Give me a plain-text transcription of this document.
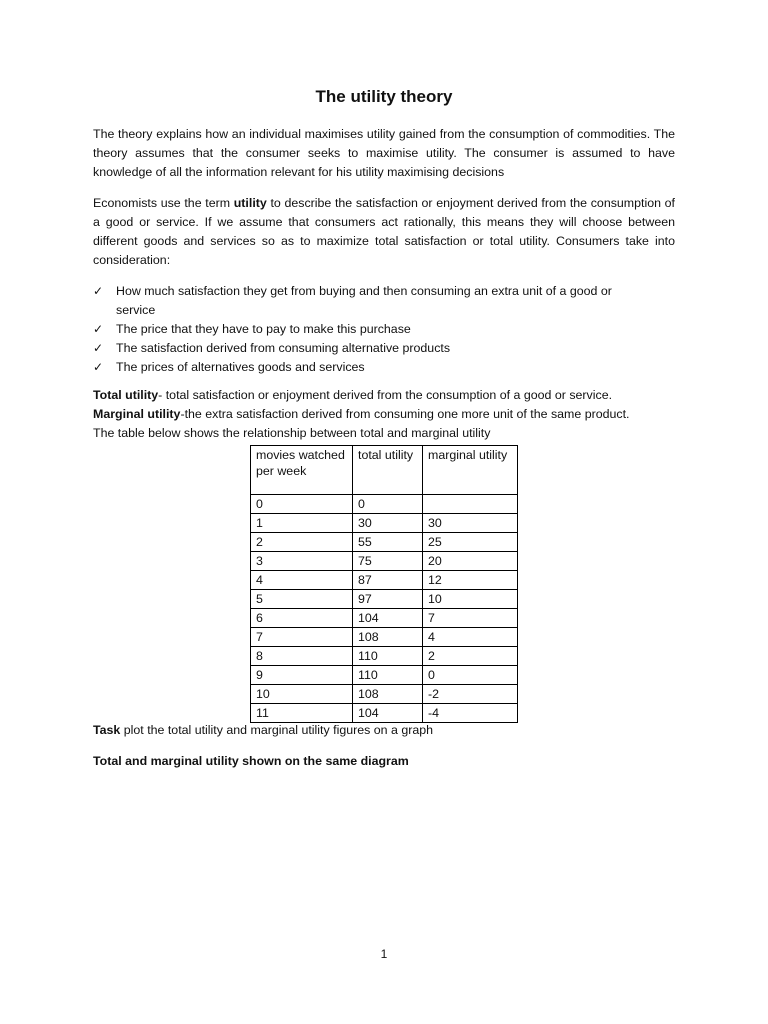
The utility theory

The theory explains how an individual maximises utility gained from the consumption of commodities. The theory assumes that the consumer seeks to maximise utility. The consumer is assumed to have knowledge of all the information relevant for his utility maximising decisions

Economists use the term utility to describe the satisfaction or enjoyment derived from the consumption of a good or service. If we assume that consumers act rationally, this means they will choose between different goods and services so as to maximize total satisfaction or total utility. Consumers take into consideration:

✓ How much satisfaction they get from buying and then consuming an extra unit of a good or service
✓ The price that they have to pay to make this purchase
✓ The satisfaction derived from consuming alternative products
✓ The prices of alternatives goods and services

Total utility- total satisfaction or enjoyment derived from the consumption of a good or service.

Marginal utility-the extra satisfaction derived from consuming one more unit of the same product.

The table below shows the relationship between total and marginal utility

movies watched per week	total utility	marginal utility
0	0	
1	30	30
2	55	25
3	75	20
4	87	12
5	97	10
6	104	7
7	108	4
8	110	2
9	110	0
10	108	-2
11	104	-4

Task plot the total utility and marginal utility figures on a graph

Total and marginal utility shown on the same diagram

1
